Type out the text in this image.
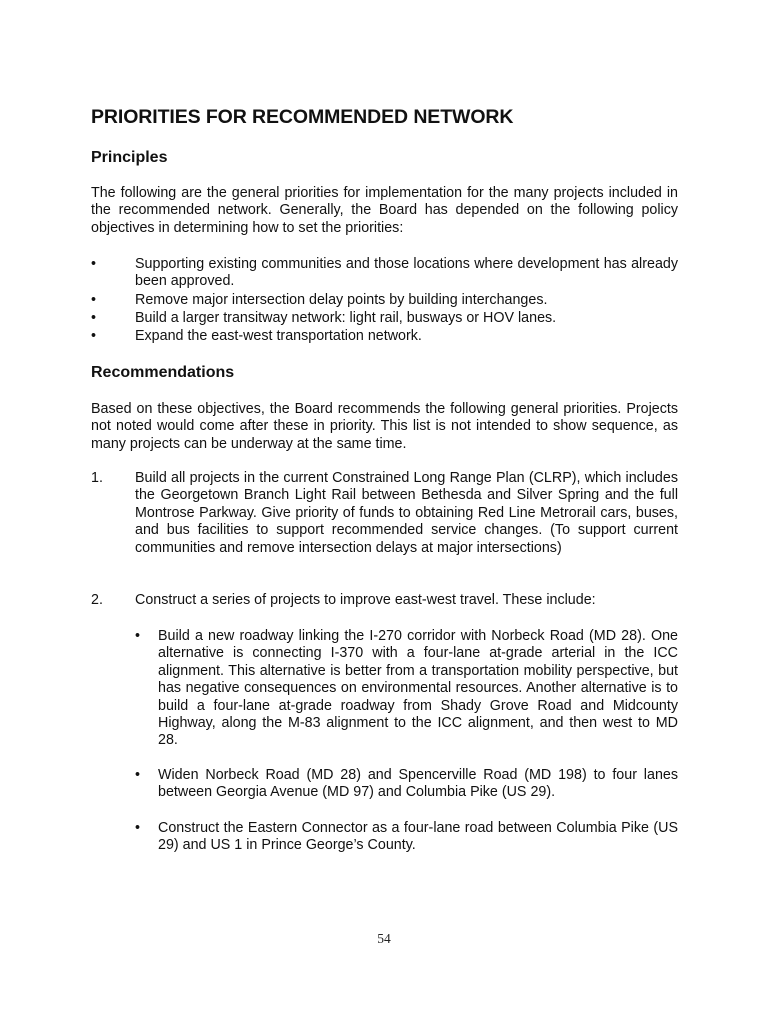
PRIORITIES FOR RECOMMENDED NETWORK
Principles

The following are the general priorities for implementation for the many projects included in the recommended network. Generally, the Board has depended on the following policy objectives in determining how to set the priorities:

•	Supporting existing communities and those locations where development has already been approved.
•	Remove major intersection delay points by building interchanges.
•	Build a larger transitway network: light rail, busways or HOV lanes.
•	Expand the east-west transportation network.
Recommendations

Based on these objectives, the Board recommends the following general priorities. Projects not noted would come after these in priority. This list is not intended to show sequence, as many projects can be underway at the same time.

1.	Build all projects in the current Constrained Long Range Plan (CLRP), which includes the Georgetown Branch Light Rail between Bethesda and Silver Spring and the full Montrose Parkway. Give priority of funds to obtaining Red Line Metrorail cars, buses, and bus facilities to support recommended service changes. (To support current communities and remove intersection delays at major intersections)
2.	Construct a series of projects to improve east-west travel. These include:
•	Build a new roadway linking the I-270 corridor with Norbeck Road (MD 28). One alternative is connecting I-370 with a four-lane at-grade arterial in the ICC alignment. This alternative is better from a transportation mobility perspective, but has negative consequences on environmental resources. Another alternative is to build a four-lane at-grade roadway from Shady Grove Road and Midcounty Highway, along the M-83 alignment to the ICC alignment, and then west to MD 28.
•	Widen Norbeck Road (MD 28) and Spencerville Road (MD 198) to four lanes between Georgia Avenue (MD 97) and Columbia Pike (US 29).
•	Construct the Eastern Connector as a four-lane road between Columbia Pike (US 29) and US 1 in Prince George’s County.
54
